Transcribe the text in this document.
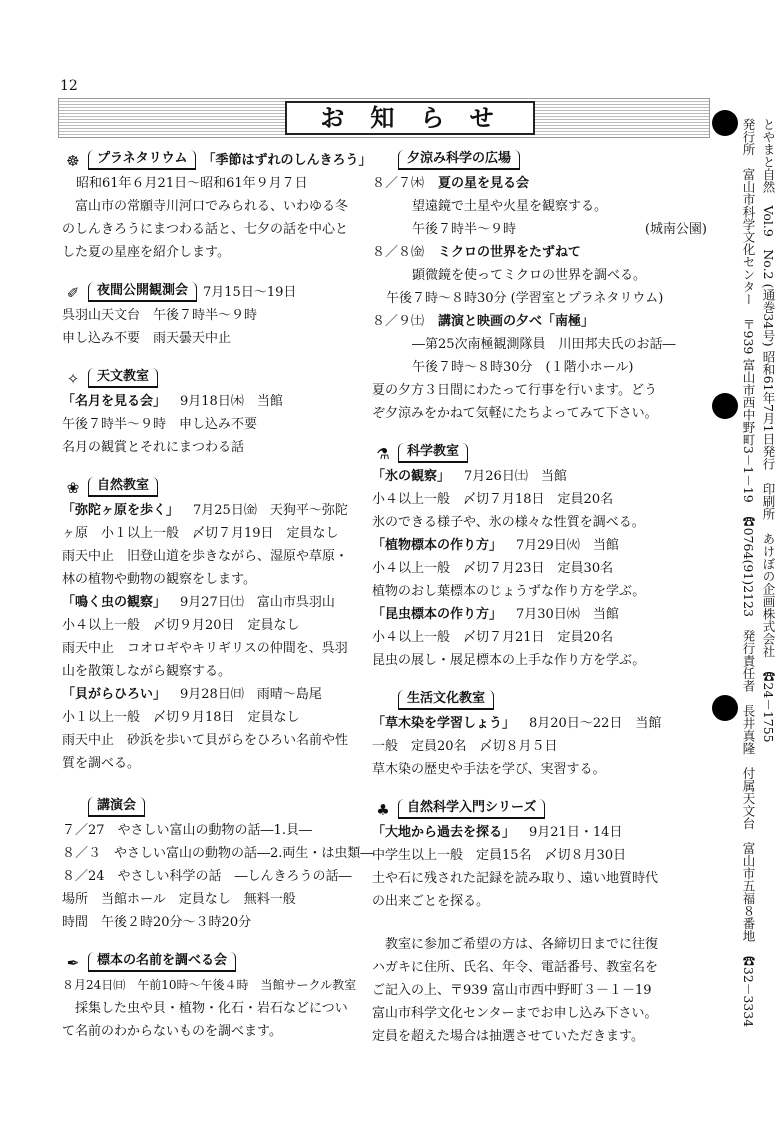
12
お知らせ
☸	プラネタリウム	「季節はずれのしんきろう」
昭和61年６月21日～昭和61年９月７日
　富山市の常願寺川河口でみられる、いわゆる冬
のしんきろうにまつわる話と、七夕の話を中心と
した夏の星座を紹介します。
✐	夜間公開観測会	7月15日～19日
呉羽山天文台　午後７時半～９時
申し込み不要　雨天曇天中止
✧	天文教室
「名月を見る会」 9月18日㈭　当館
午後７時半～９時　申し込み不要
名月の観賞とそれにまつわる話
❀	自然教室
「弥陀ヶ原を歩く」 7月25日㈮　天狗平～弥陀
ヶ原　小１以上一般　〆切７月19日　定員なし
雨天中止　旧登山道を歩きながら、湿原や草原・
林の植物や動物の観察をします。
「鳴く虫の観察」 9月27日㈯　富山市呉羽山
小４以上一般　〆切９月20日　定員なし
雨天中止　コオロギやキリギリスの仲間を、呉羽
山を散策しながら観察する。
「貝がらひろい」 9月28日㈰　雨晴～島尾
小１以上一般　〆切９月18日　定員なし
雨天中止　砂浜を歩いて貝がらをひろい名前や性
質を調べる。
講演会
７／27　やさしい富山の動物の話―1.貝―
８／３　やさしい富山の動物の話―2.両生・は虫類―
８／24　やさしい科学の話　―しんきろうの話―
場所　当館ホール　定員なし　無料一般
時間　午後２時20分～３時20分
✒	標本の名前を調べる会
８月24日㈰　午前10時～午後４時　当館サークル教室
　採集した虫や貝・植物・化石・岩石などについ
て名前のわからないものを調べます。
夕涼み科学の広場
８／７㈭ 夏の星を見る会
望遠鏡で土星や火星を観察する。
午後７時半～９時	(城南公園)
８／８㈮ ミクロの世界をたずねて
顕微鏡を使ってミクロの世界を調べる。
午後７時～８時30分 (学習室とプラネタリウム)
８／９㈯ 講演と映画の夕べ「南極」
―第25次南極観測隊員　川田邦夫氏のお話―
午後７時～８時30分　(１階小ホール)
夏の夕方３日間にわたって行事を行います。どう
ぞ夕涼みをかねて気軽にたちよってみて下さい。
⚗	科学教室
「氷の観察」 7月26日㈯　当館
小４以上一般　〆切７月18日　定員20名
氷のできる様子や、氷の様々な性質を調べる。
「植物標本の作り方」 7月29日㈫　当館
小４以上一般　〆切７月23日　定員30名
植物のおし葉標本のじょうずな作り方を学ぶ。
「昆虫標本の作り方」 7月30日㈬　当館
小４以上一般　〆切７月21日　定員20名
昆虫の展し・展足標本の上手な作り方を学ぶ。
生活文化教室
「草木染を学習しょう」 8月20日～22日　当館
一般　定員20名　〆切８月５日
草木染の歴史や手法を学び、実習する。
♣	自然科学入門シリーズ
「大地から過去を探る」 9月21日・14日
中学生以上一般　定員15名　〆切８月30日
土や石に残された記録を読み取り、遠い地質時代
の出来ごとを探る。
　教室に参加ご希望の方は、各締切日までに往復
ハガキに住所、氏名、年令、電話番号、教室名を
ご記入の上、〒939 富山市西中野町３－１－19
富山市科学文化センターまでお申し込み下さい。
定員を超えた場合は抽選させていただきます。
とやまと自然　Vol.9　No.2 (通巻34号) 昭和61年7月1日発行　印刷所　あけぼの企画株式会社　☎24－1755
発行所　富山市科学文化センター　〒939 富山市西中野町3－1－19　☎0764(91)2123　発行責任者　長井真隆　付属天文台　富山市五福８番地　☎32－3334
